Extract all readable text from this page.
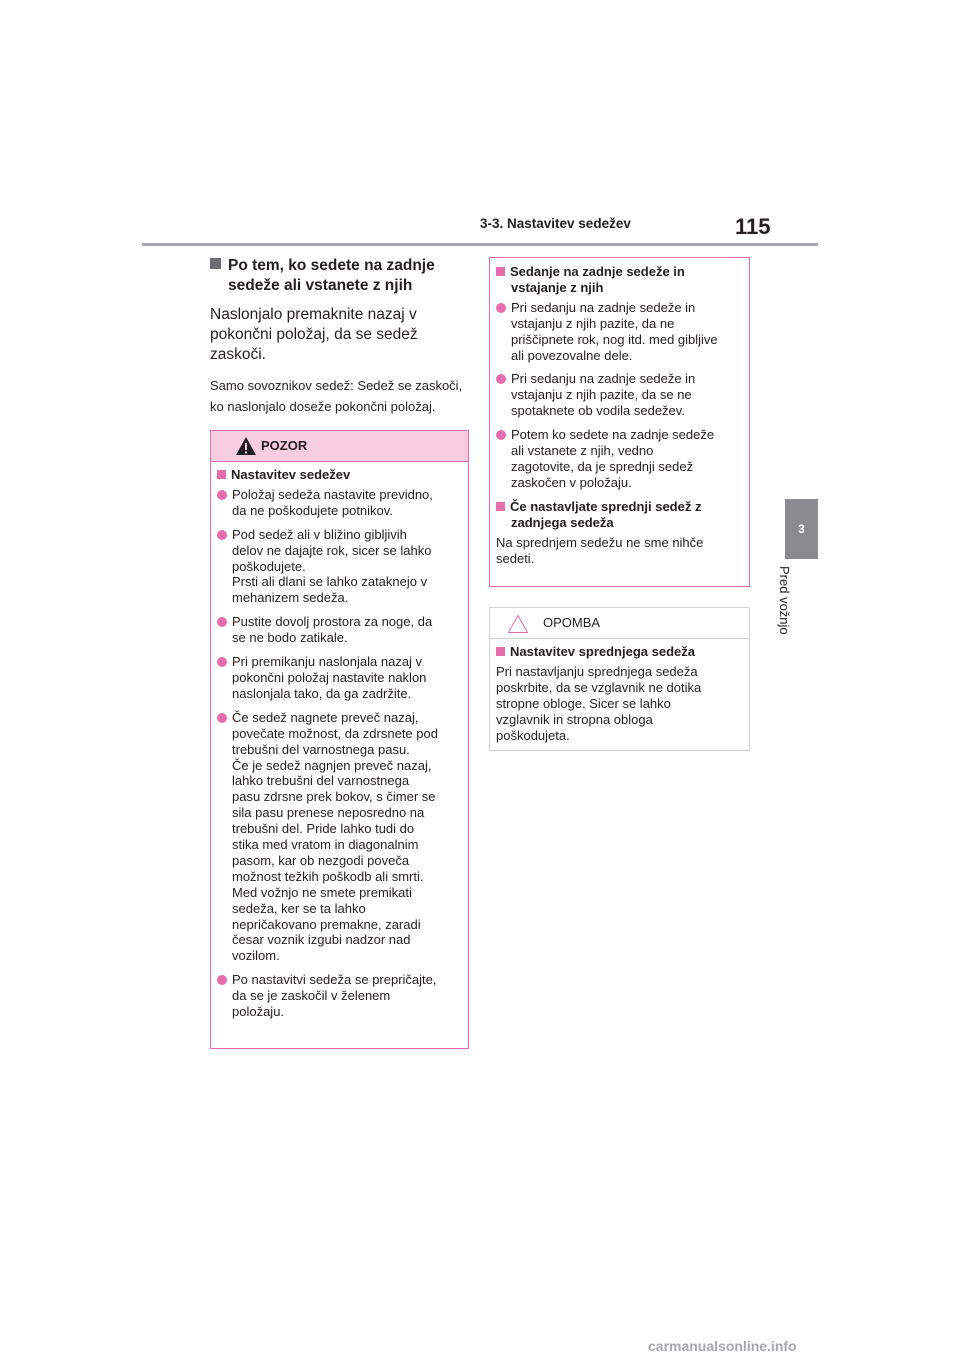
3-3. Nastavitev sedežev	115
3
Pred vožnjo

Po tem, ko sedete na zadnje sedeže ali vstanete z njih

Naslonjalo premaknite nazaj v pokončni položaj, da se sedež zaskoči.

Samo sovoznikov sedež: Sedež se zaskoči, ko naslonjalo doseže pokončni položaj.

POZOR
Nastavitev sedežev
Položaj sedeža nastavite previdno,
da ne poškodujete potnikov.
Pod sedež ali v bližino gibljivih
delov ne dajajte rok, sicer se lahko
poškodujete.
Prsti ali dlani se lahko zataknejo v
mehanizem sedeža.
Pustite dovolj prostora za noge, da
se ne bodo zatikale.
Pri premikanju naslonjala nazaj v
pokončni položaj nastavite naklon
naslonjala tako, da ga zadržite.
Če sedež nagnete preveč nazaj,
povečate možnost, da zdrsnete pod
trebušni del varnostnega pasu.
Če je sedež nagnjen preveč nazaj,
lahko trebušni del varnostnega
pasu zdrsne prek bokov, s čimer se
sila pasu prenese neposredno na
trebušni del. Pride lahko tudi do
stika med vratom in diagonalnim
pasom, kar ob nezgodi poveča
možnost težkih poškodb ali smrti.
Med vožnjo ne smete premikati
sedeža, ker se ta lahko
nepričakovano premakne, zaradi
česar voznik izgubi nadzor nad
vozilom.
Po nastavitvi sedeža se prepričajte,
da se je zaskočil v želenem
položaju.
Sedanje na zadnje sedeže in
vstajanje z njih
Pri sedanju na zadnje sedeže in
vstajanju z njih pazite, da ne
priščipnete rok, nog itd. med gibljive
ali povezovalne dele.
Pri sedanju na zadnje sedeže in
vstajanju z njih pazite, da se ne
spotaknete ob vodila sedežev.
Potem ko sedete na zadnje sedeže
ali vstanete z njih, vedno
zagotovite, da je sprednji sedež
zaskočen v položaju.
Če nastavljate sprednji sedež z
zadnjega sedeža
Na sprednjem sedežu ne sme nihče
sedeti.
OPOMBA
Nastavitev sprednjega sedeža
Pri nastavljanju sprednjega sedeža
poskrbite, da se vzglavnik ne dotika
stropne obloge. Sicer se lahko
vzglavnik in stropna obloga
poškodujeta.
carmanualsonline.info
